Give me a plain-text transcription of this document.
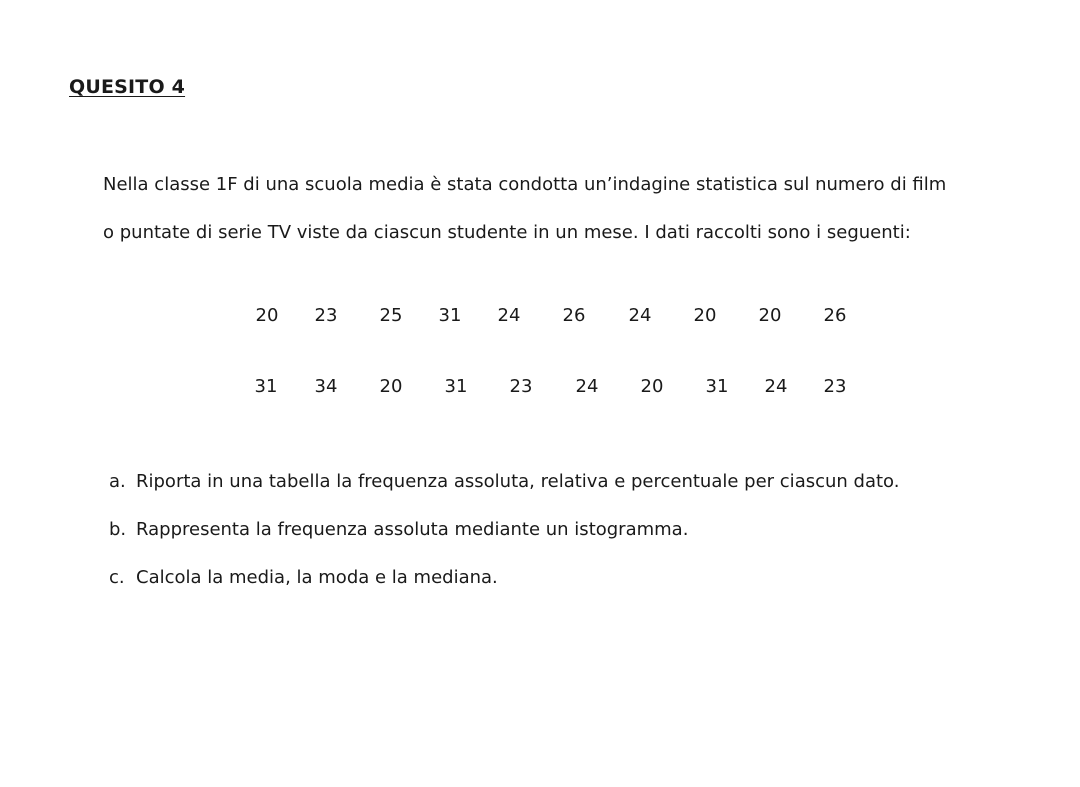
QUESITO 4
Nella classe 1F di una scuola media è stata condotta un’indagine statistica sul numero di film
o puntate di serie TV viste da ciascun studente in un mese. I dati raccolti sono i seguenti:
20 23 25 31 24 26 24 20 20 26
31 34 20 31 23 24 20 31 24 23
a. Riporta in una tabella la frequenza assoluta, relativa e percentuale per ciascun dato.
b. Rappresenta la frequenza assoluta mediante un istogramma.
c. Calcola la media, la moda e la mediana.
